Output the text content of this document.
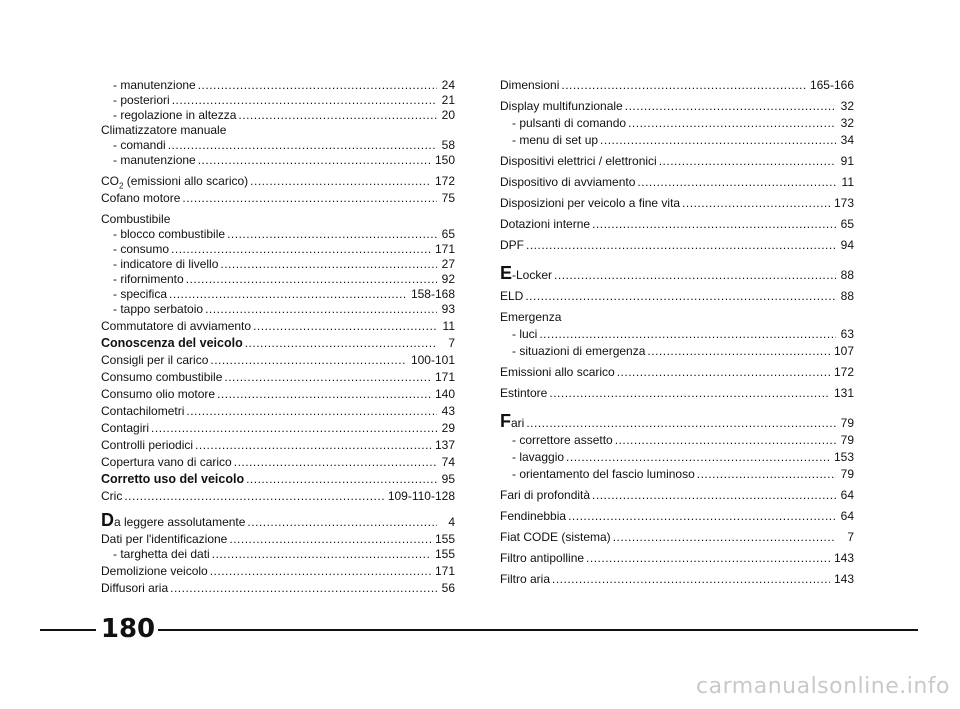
- manutenzione .....	24
- posteriori .....	21
- regolazione in altezza .....	20
Climatizzatore manuale
- comandi .....	58
- manutenzione .....	150
$CO_2$ (emissioni allo scarico) .....	172
Cofano motore .....	75
Combustibile
- blocco combustibile .....	65
- consumo .....	171
- indicatore di livello .....	27
- rifornimento .....	92
- specifica .....	158-168
- tappo serbatoio .....	93
Commutatore di avviamento .....	11
Conoscenza del veicolo .....	7
Consigli per il carico .....	100-101
Consumo combustibile .....	171
Consumo olio motore .....	140
Contachilometri .....	43
Contagiri .....	29
Controlli periodici .....	137
Copertura vano di carico .....	74
Corretto uso del veicolo .....	95
Cric .....	109-110-128
Da leggere assolutamente .....	4
Dati per l'identificazione .....	155
- targhetta dei dati .....	155
Demolizione veicolo .....	171
Diffusori aria .....	56
Dimensioni .....	165-166
Display multifunzionale .....	32
- pulsanti di comando .....	32
- menu di set up .....	34
Dispositivi elettrici / elettronici .....	91
Dispositivo di avviamento .....	11
Disposizioni per veicolo a fine vita .....	173
Dotazioni interne .....	65
DPF .....	94
E-Locker .....	88
ELD .....	88
Emergenza
- luci .....	63
- situazioni di emergenza .....	107
Emissioni allo scarico .....	172
Estintore .....	131
Fari .....	79
- correttore assetto .....	79
- lavaggio .....	153
- orientamento del fascio luminoso .....	79
Fari di profondità .....	64
Fendinebbia .....	64
Fiat CODE (sistema) .....	7
Filtro antipolline .....	143
Filtro aria .....	143
180
carmanualsonline.info
